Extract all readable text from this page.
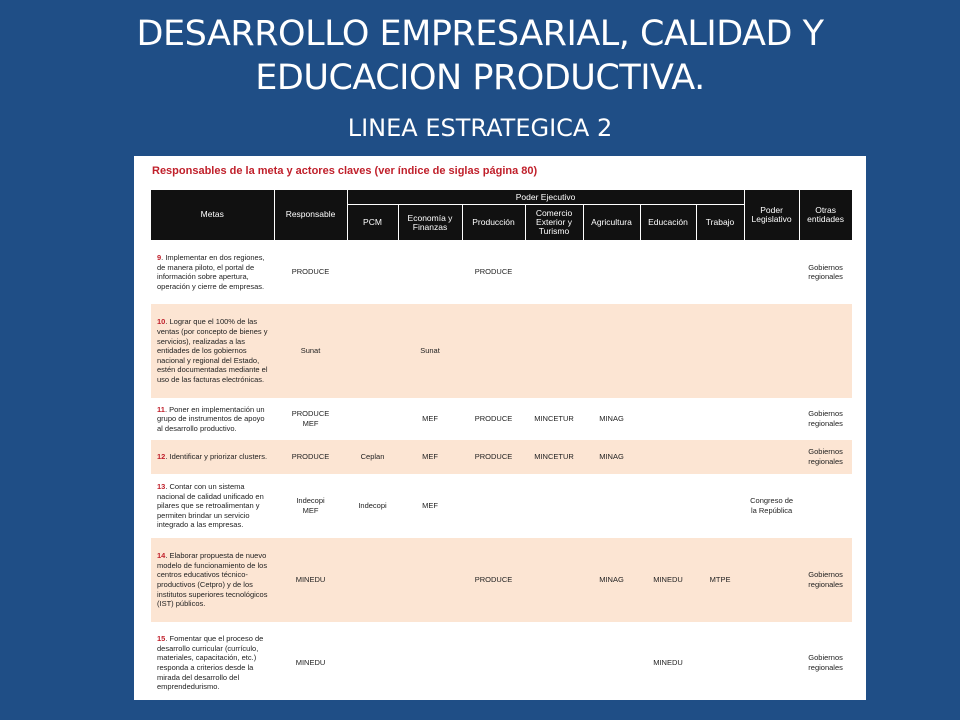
DESARROLLO EMPRESARIAL, CALIDAD Y
EDUCACION PRODUCTIVA.
LINEA ESTRATEGICA 2
Responsables de la meta y actores claves (ver índice de siglas página 80)
Metas	Responsable	Poder Ejecutivo							Poder
Legislativo	Otras
entidades
		PCM	Economía y
Finanzas	Producción	Comercio
Exterior y
Turismo	Agricultura	Educación	Trabajo		
9. Implementar en dos regiones, de manera piloto, el portal de información sobre apertura, operación y cierre de empresas.	PRODUCE			PRODUCE						Gobiernos
regionales
10. Lograr que el 100% de las ventas (por concepto de bienes y servicios), realizadas a las entidades de los gobiernos nacional y regional del Estado, estén documentadas mediante el uso de las facturas electrónicas.	Sunat		Sunat						

11. Poner en implementación un grupo de instrumentos de apoyo al desarrollo productivo.	PRODUCE
MEF		MEF	PRODUCE	MINCETUR	MINAG				Gobiernos
regionales
12. Identificar y priorizar clusters.	PRODUCE	Ceplan	MEF	PRODUCE	MINCETUR	MINAG				Gobiernos
regionales
13. Contar con un sistema nacional de calidad unificado en pilares que se retroalimentan y permiten brindar un servicio integrado a las empresas.	Indecopi
MEF	Indecopi	MEF						Congreso de
la República	

14. Elaborar propuesta de nuevo modelo de funcionamiento de los centros educativos técnico-productivos (Cetpro) y de los institutos superiores tecnológicos (IST) públicos.	MINEDU			PRODUCE		MINAG	MINEDU	MTPE		Gobiernos
regionales
15. Fomentar que el proceso de desarrollo curricular (currículo, materiales, capacitación, etc.) responda a criterios desde la mirada del desarrollo del emprendedurismo.	MINEDU						MINEDU			Gobiernos
regionales
